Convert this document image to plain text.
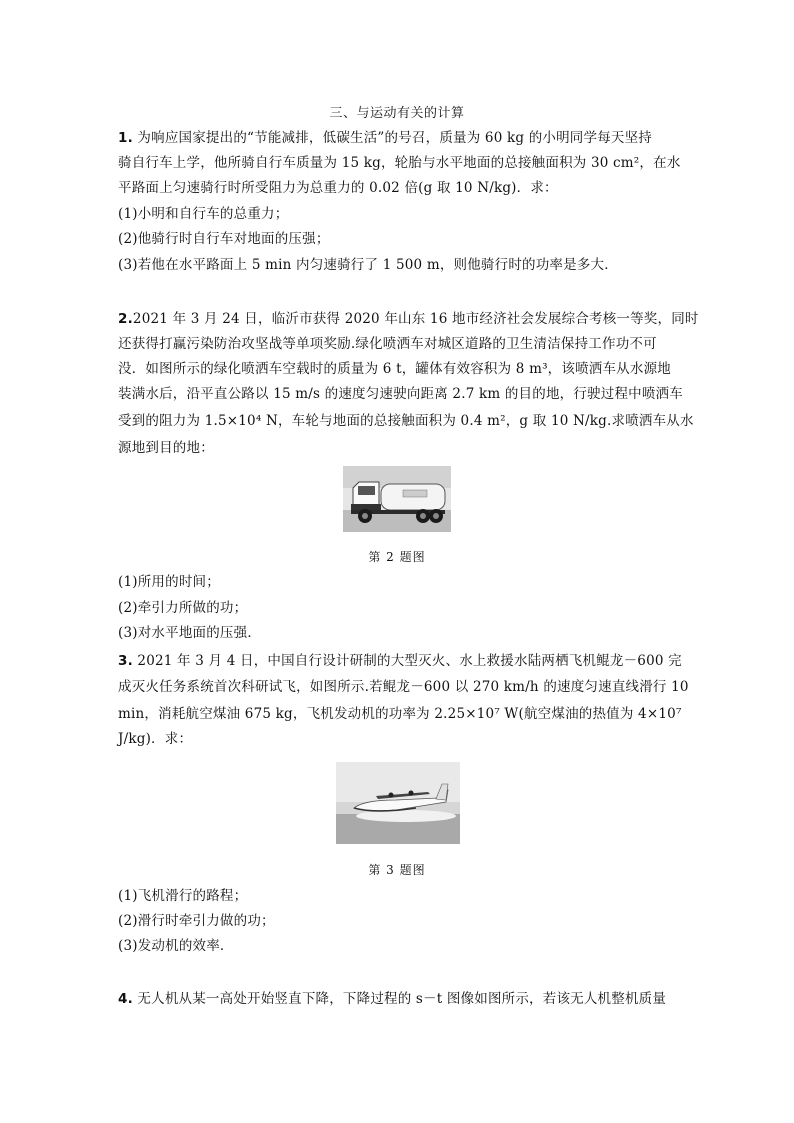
三、与运动有关的计算
1. 为响应国家提出的“节能减排，低碳生活”的号召，质量为 60 kg 的小明同学每天坚持
骑自行车上学，他所骑自行车质量为 15 kg，轮胎与水平地面的总接触面积为 30 cm²，在水
平路面上匀速骑行时所受阻力为总重力的 0.02 倍(g 取 10 N/kg)．求：
(1)小明和自行车的总重力；
(2)他骑行时自行车对地面的压强；
(3)若他在水平路面上 5 min 内匀速骑行了 1 500 m，则他骑行时的功率是多大．
2.2021 年 3 月 24 日，临沂市获得 2020 年山东 16 地市经济社会发展综合考核一等奖，同时
还获得打赢污染防治攻坚战等单项奖励.绿化喷洒车对城区道路的卫生清洁保持工作功不可
没．如图所示的绿化喷洒车空载时的质量为 6 t，罐体有效容积为 8 m³，该喷洒车从水源地
装满水后，沿平直公路以 15 m/s 的速度匀速驶向距离 2.7 km 的目的地，行驶过程中喷洒车
受到的阻力为 1.5×10⁴ N，车轮与地面的总接触面积为 0.4 m²，g 取 10 N/kg.求喷洒车从水
源地到目的地：
第 2 题图
(1)所用的时间；
(2)牵引力所做的功；
(3)对水平地面的压强．
3. 2021 年 3 月 4 日，中国自行设计研制的大型灭火、水上救援水陆两栖飞机鲲龙－600 完
成灭火任务系统首次科研试飞，如图所示.若鲲龙－600 以 270 km/h 的速度匀速直线滑行 10
min，消耗航空煤油 675 kg，飞机发动机的功率为 2.25×10⁷ W(航空煤油的热值为 4×10⁷
J/kg)．求：
第 3 题图
(1)飞机滑行的路程；
(2)滑行时牵引力做的功；
(3)发动机的效率．
4. 无人机从某一高处开始竖直下降，下降过程的 s－t 图像如图所示，若该无人机整机质量
